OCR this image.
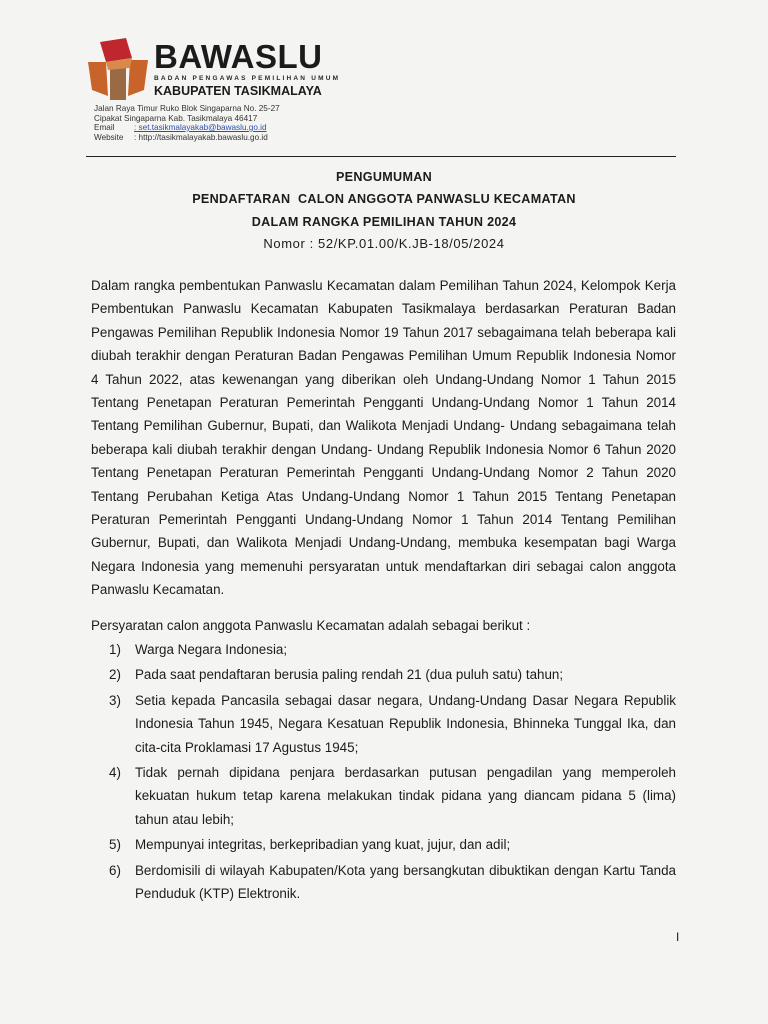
BAWASLU
BADAN PENGAWAS PEMILIHAN UMUM
KABUPATEN TASIKMALAYA
Jalan Raya Timur Ruko Blok Singaparna No. 25-27
Cipakat Singaparna Kab. Tasikmalaya 46417
Email : set.tasikmalayakab@bawaslu.go.id
Website : http://tasikmalayakab.bawaslu.go.id
PENGUMUMAN
PENDAFTARAN  CALON ANGGOTA PANWASLU KECAMATAN
DALAM RANGKA PEMILIHAN TAHUN 2024
Nomor : 52/KP.01.00/K.JB-18/05/2024
Dalam rangka pembentukan Panwaslu Kecamatan dalam Pemilihan Tahun 2024, Kelompok Kerja Pembentukan Panwaslu Kecamatan Kabupaten Tasikmalaya berdasarkan Peraturan Badan Pengawas Pemilihan Republik Indonesia Nomor 19 Tahun 2017 sebagaimana telah beberapa kali diubah terakhir dengan Peraturan Badan Pengawas Pemilihan Umum Republik Indonesia Nomor 4 Tahun 2022, atas kewenangan yang diberikan oleh Undang-Undang Nomor 1 Tahun 2015 Tentang Penetapan Peraturan Pemerintah Pengganti Undang-Undang Nomor 1 Tahun 2014 Tentang Pemilihan Gubernur, Bupati, dan Walikota Menjadi Undang- Undang sebagaimana telah beberapa kali diubah terakhir dengan Undang- Undang Republik Indonesia Nomor 6 Tahun 2020 Tentang Penetapan Peraturan Pemerintah Pengganti Undang-Undang Nomor 2 Tahun 2020 Tentang Perubahan Ketiga Atas Undang-Undang Nomor 1 Tahun 2015 Tentang Penetapan Peraturan Pemerintah Pengganti Undang-Undang Nomor 1 Tahun 2014 Tentang Pemilihan Gubernur, Bupati, dan Walikota Menjadi Undang-Undang, membuka kesempatan bagi Warga Negara Indonesia yang memenuhi persyaratan untuk mendaftarkan diri sebagai calon anggota Panwaslu Kecamatan.
Persyaratan calon anggota Panwaslu Kecamatan adalah sebagai berikut :
1)	Warga Negara Indonesia;
2)	Pada saat pendaftaran berusia paling rendah 21 (dua puluh satu) tahun;
3)	Setia kepada Pancasila sebagai dasar negara, Undang-Undang Dasar Negara Republik Indonesia Tahun 1945, Negara Kesatuan Republik Indonesia, Bhinneka Tunggal Ika, dan cita-cita Proklamasi 17 Agustus 1945;
4)	Tidak pernah dipidana penjara berdasarkan putusan pengadilan yang memperoleh kekuatan hukum tetap karena melakukan tindak pidana yang diancam pidana 5 (lima) tahun atau lebih;
5)	Mempunyai integritas, berkepribadian yang kuat, jujur, dan adil;
6)	Berdomisili di wilayah Kabupaten/Kota yang bersangkutan dibuktikan dengan Kartu Tanda Penduduk (KTP) Elektronik.
I
